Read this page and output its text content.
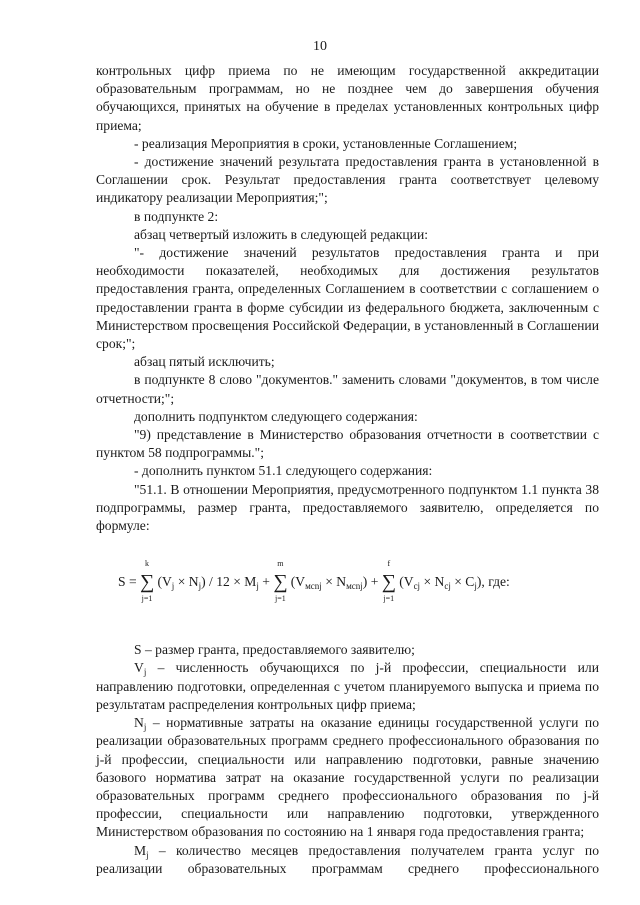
10

контрольных цифр приема по не имеющим государственной аккредитации образовательным программам, но не позднее чем до завершения обучения обучающихся, принятых на обучение в пределах установленных контрольных цифр приема;

- реализация Мероприятия в сроки, установленные Соглашением;

- достижение значений результата предоставления гранта в установленной в Соглашении срок. Результат предоставления гранта соответствует целевому индикатору реализации Мероприятия;";

в подпункте 2:

абзац четвертый изложить в следующей редакции:

"- достижение значений результатов предоставления гранта и при необходимости показателей, необходимых для достижения результатов предоставления гранта, определенных Соглашением в соответствии с соглашением о предоставлении гранта в форме субсидии из федерального бюджета, заключенным с Министерством просвещения Российской Федерации, в установленный в Соглашении срок;";

абзац пятый исключить;

в подпункте 8 слово "документов." заменить словами "документов, в том числе отчетности;";

дополнить подпунктом следующего содержания:

"9) представление в Министерство образования отчетности в соответствии с пунктом 58 подпрограммы.";

- дополнить пунктом 51.1 следующего содержания:

"51.1. В отношении Мероприятия, предусмотренного подпунктом 1.1 пункта 38 подпрограммы, размер гранта, предоставляемого заявителю, определяется по формуле:

S = ∑
k
j=1
$(V_j \times N_j) / 12 \times M_j$ + ∑
m
j=1
$(V_{мсnj} \times N_{мсnj})$ + ∑
f
j=1
$(V_{cj} \times N_{cj} \times C_j)$, где:

S – размер гранта, предоставляемого заявителю;

$V_j$ – численность обучающихся по j-й профессии, специальности или направлению подготовки, определенная с учетом планируемого выпуска и приема по результатам распределения контрольных цифр приема;

$N_j$ – нормативные затраты на оказание единицы государственной услуги по реализации образовательных программ среднего профессионального образования по j-й профессии, специальности или направлению подготовки, равные значению базового норматива затрат на оказание государственной услуги по реализации образовательных программ среднего профессионального образования по j-й профессии, специальности или направлению подготовки, утвержденного Министерством образования по состоянию на 1 января года предоставления гранта;

$M_j$ – количество месяцев предоставления получателем гранта услуг по реализации образовательных программам среднего профессионального
